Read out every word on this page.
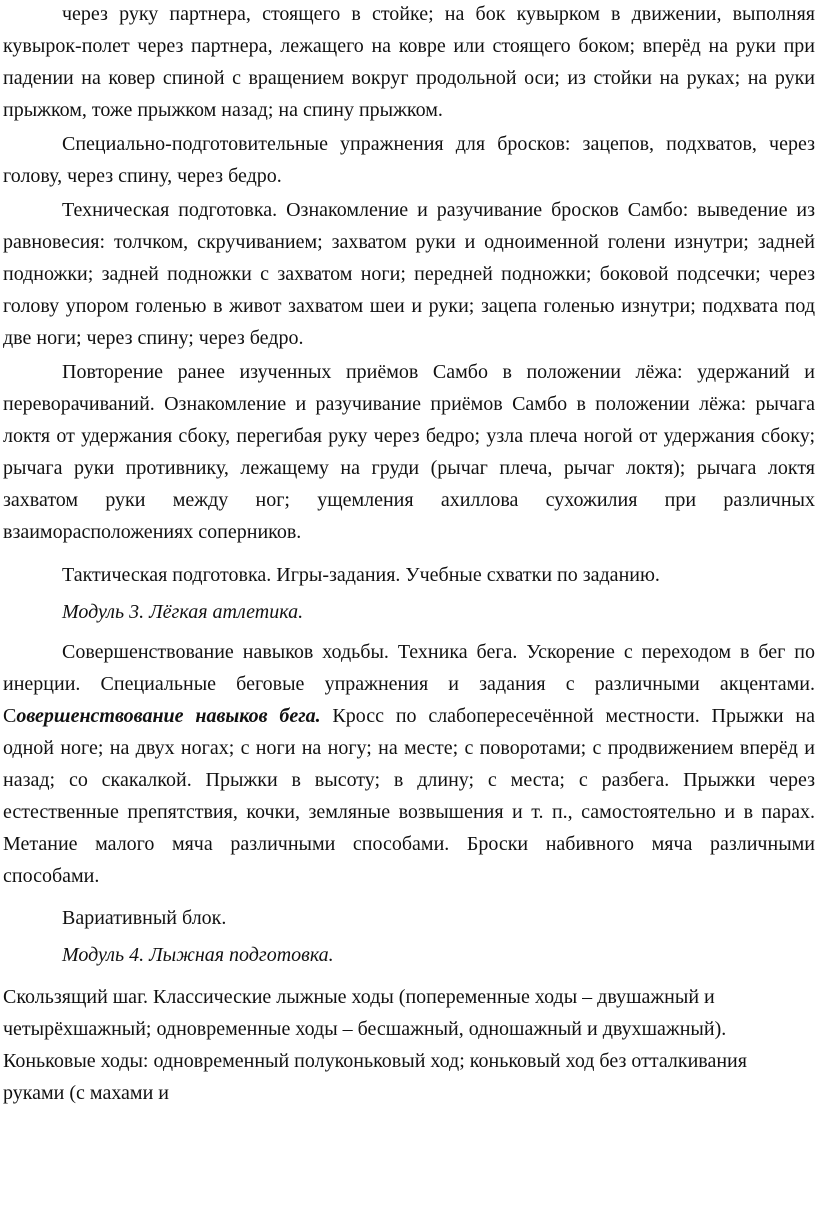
через руку партнера, стоящего в стойке; на бок кувырком в движении, выполняя кувырок-полет через партнера, лежащего на ковре или стоящего боком; вперёд на руки при падении на ковер спиной с вращением вокруг продольной оси; из стойки на руках; на руки прыжком, тоже прыжком назад; на спину прыжком.

Специально-подготовительные упражнения для бросков: зацепов, подхватов, через голову, через спину, через бедро.

Техническая подготовка. Ознакомление и разучивание бросков Самбо: выведение из равновесия: толчком, скручиванием; захватом руки и одноименной голени изнутри; задней подножки; задней подножки с захватом ноги; передней подножки; боковой подсечки; через голову упором голенью в живот захватом шеи и руки; зацепа голенью изнутри; подхвата под две ноги; через спину; через бедро.

Повторение ранее изученных приёмов Самбо в положении лёжа: удержаний и переворачиваний. Ознакомление и разучивание приёмов Самбо в положении лёжа: рычага локтя от удержания сбоку, перегибая руку через бедро; узла плеча ногой от удержания сбоку; рычага руки противнику, лежащему на груди (рычаг плеча, рычаг локтя); рычага локтя захватом руки между ног; ущемления ахиллова сухожилия при различных взаиморасположениях соперников.

Тактическая подготовка. Игры-задания. Учебные схватки по заданию.

Модуль 3. Лёгкая атлетика.

Совершенствование навыков ходьбы. Техника бега. Ускорение с переходом в бег по инерции. Специальные беговые упражнения и задания с различными акцентами. Совершенствование навыков бега. Кросс по слабопересечённой местности. Прыжки на одной ноге; на двух ногах; с ноги на ногу; на месте; с поворотами; с продвижением вперёд и назад; со скакалкой. Прыжки в высоту; в длину; с места; с разбега. Прыжки через естественные препятствия, кочки, земляные возвышения и т. п., самостоятельно и в парах. Метание малого мяча различными способами. Броски набивного мяча различными способами.

Вариативный блок.

Модуль 4. Лыжная подготовка.

Скользящий шаг. Классические лыжные ходы (попеременные ходы – двушажный и четырёхшажный; одновременные ходы – бесшажный, одношажный и двухшажный). Коньковые ходы: одновременный полуконьковый ход; коньковый ход без отталкивания руками (с махами и
